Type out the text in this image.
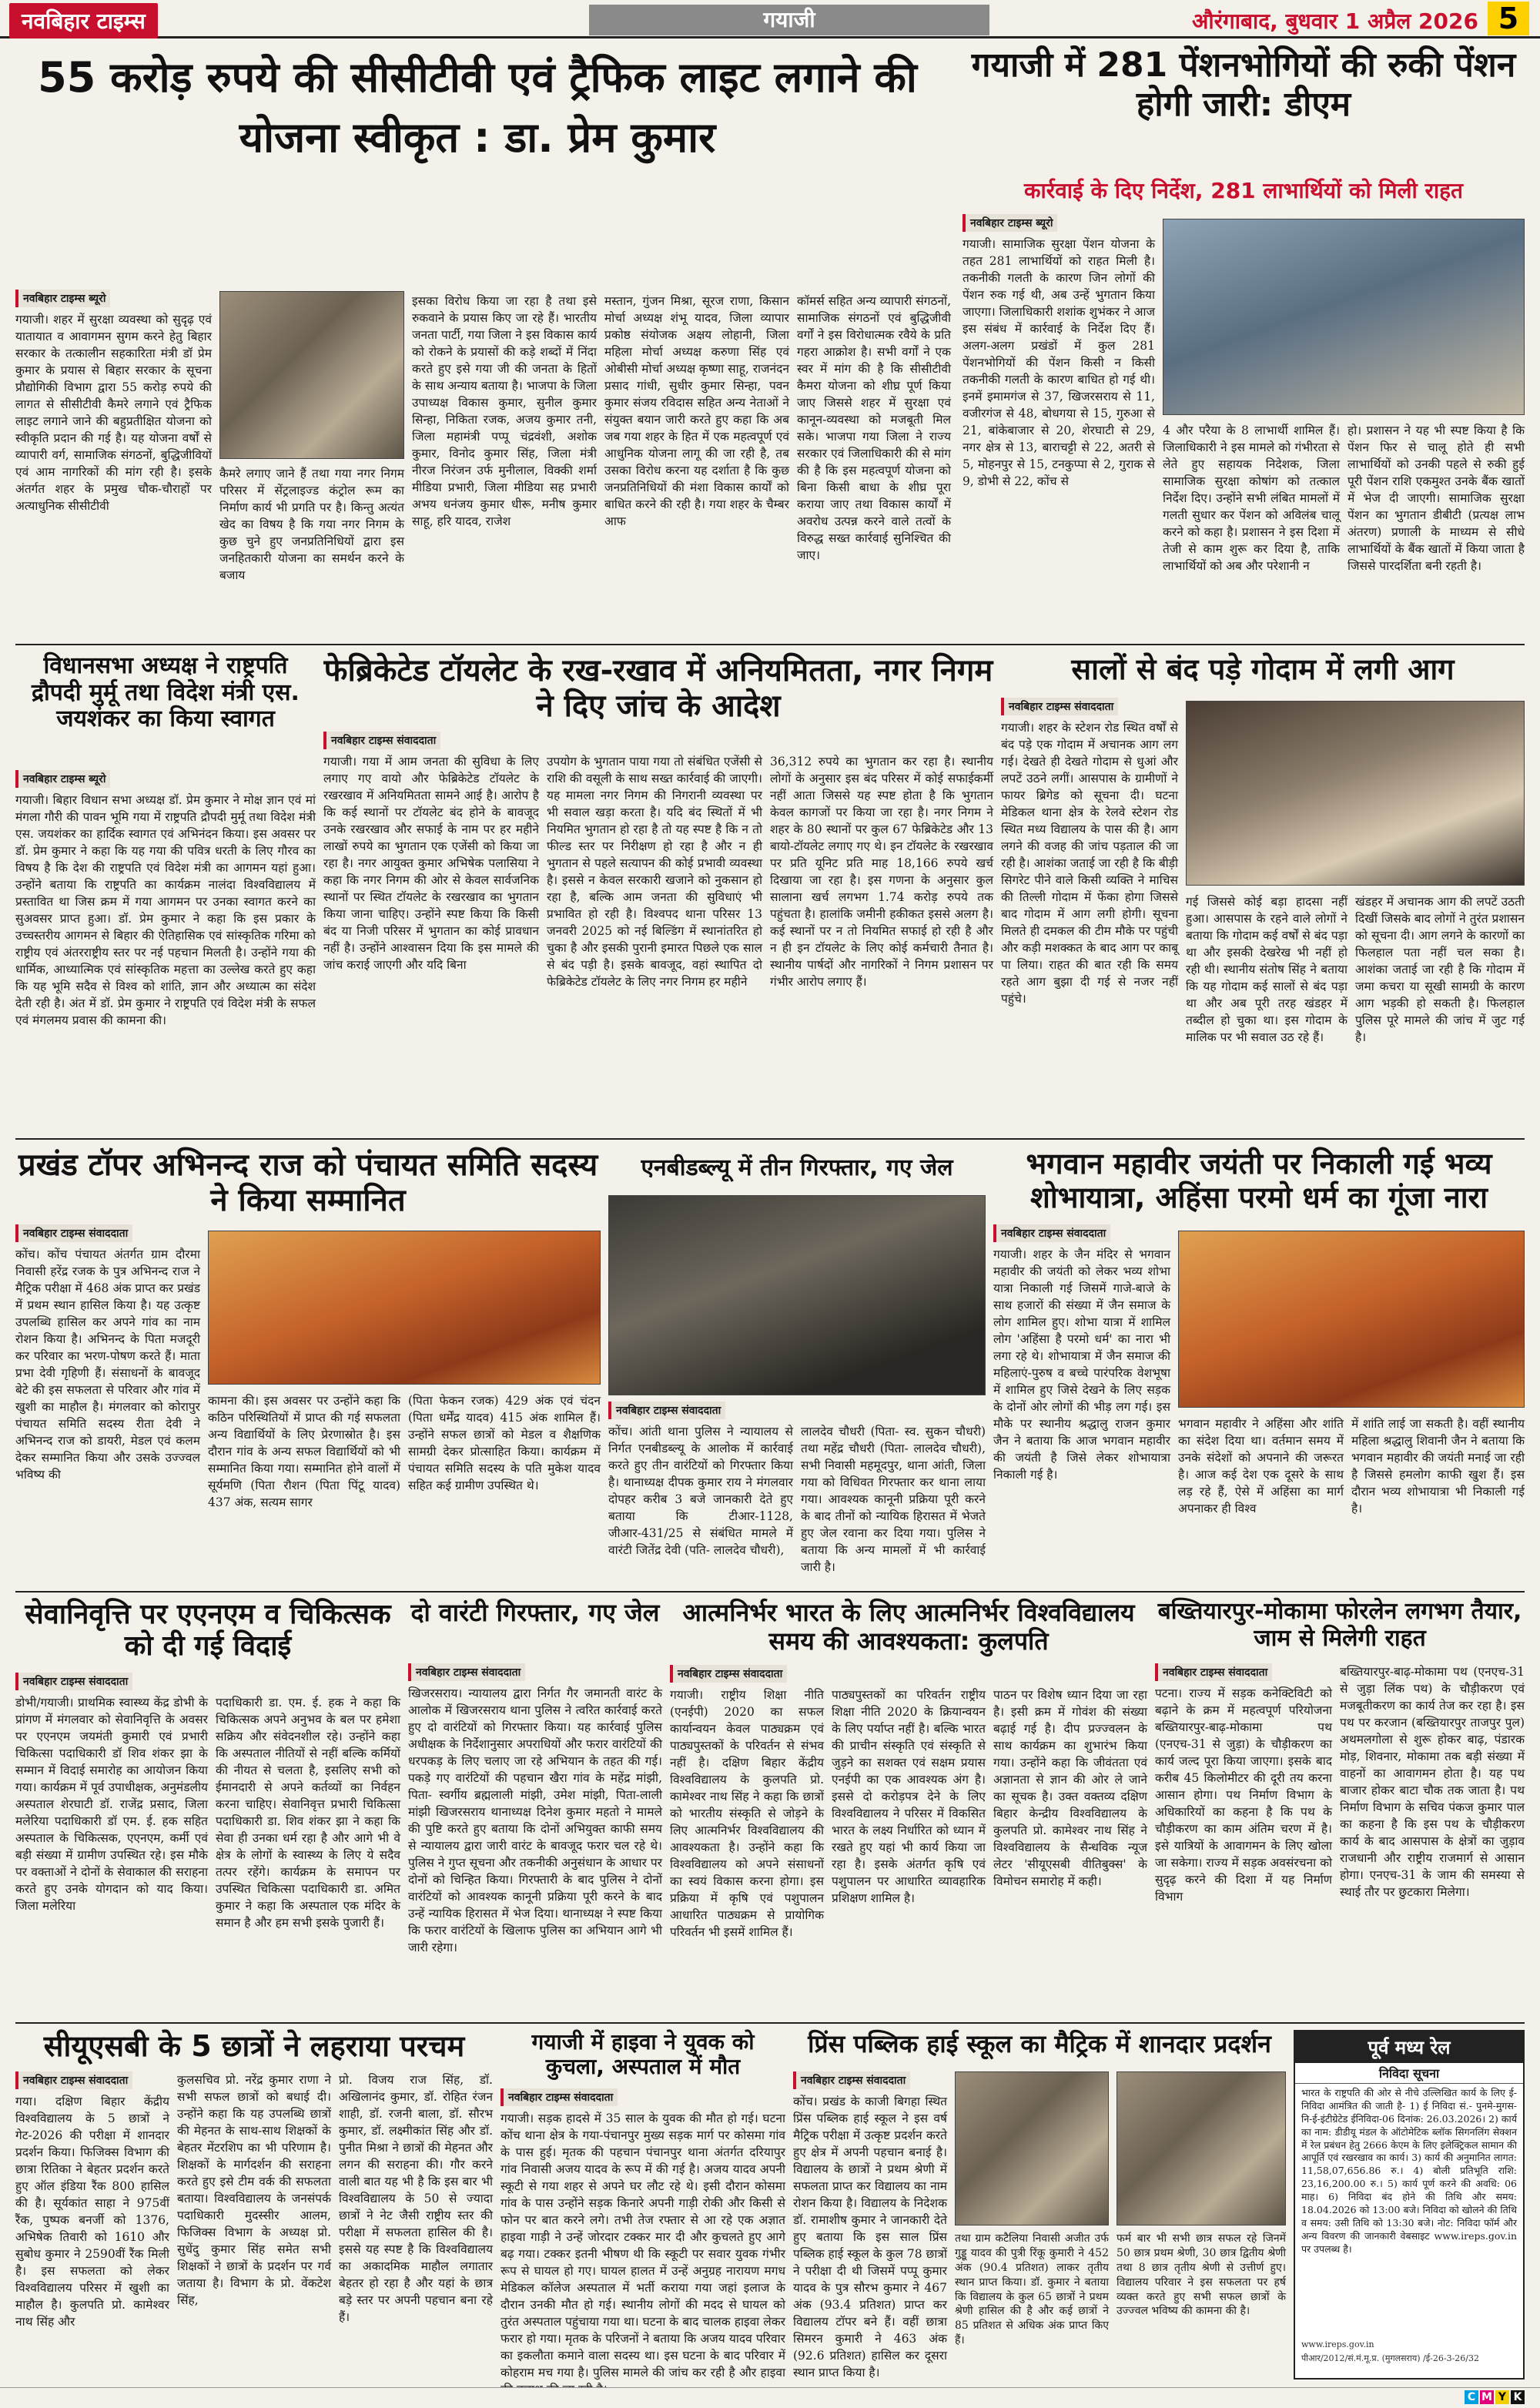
नवबिहार टाइम्स	गयाजी	औरंगाबाद, बुधवार 1 अप्रैल 2026 5
55 करोड़ रुपये की सीसीटीवी एवं ट्रैफिक लाइट लगाने की योजना स्वीकृत : डा. प्रेम कुमार
नवबिहार टाइम्स ब्यूरो
गयाजी। शहर में सुरक्षा व्यवस्था को सुदृढ़ एवं यातायात व आवागमन सुगम करने हेतु बिहार सरकार के तत्कालीन सहकारिता मंत्री डॉ प्रेम कुमार के प्रयास से बिहार सरकार के सूचना प्रौद्योगिकी विभाग द्वारा 55 करोड़ रुपये की लागत से सीसीटीवी कैमरे लगाने एवं ट्रैफिक लाइट लगाने जाने की बहुप्रतीक्षित योजना को स्वीकृति प्रदान की गई है। यह योजना वर्षों से व्यापारी वर्ग, सामाजिक संगठनों, बुद्धिजीवियों एवं आम नागरिकों की मांग रही है। इसके अंतर्गत शहर के प्रमुख चौक-चौराहों पर अत्याधुनिक सीसीटीवी
कैमरे लगाए जाने हैं तथा गया नगर निगम परिसर में सेंट्रलाइज्ड कंट्रोल रूम का निर्माण कार्य भी प्रगति पर है। किन्तु अत्यंत खेद का विषय है कि गया नगर निगम के कुछ चुने हुए जनप्रतिनिधियों द्वारा इस जनहितकारी योजना का समर्थन करने के बजाय
इसका विरोध किया जा रहा है तथा इसे रुकवाने के प्रयास किए जा रहे हैं। भारतीय जनता पार्टी, गया जिला ने इस विकास कार्य को रोकने के प्रयासों की कड़े शब्दों में निंदा करते हुए इसे गया जी की जनता के हितों के साथ अन्याय बताया है। भाजपा के जिला उपाध्यक्ष विकास कुमार, सुनील कुमार सिन्हा, निकिता रजक, अजय कुमार तनी, जिला महामंत्री पप्पू चंद्रवंशी, अशोक कुमार, विनोद कुमार सिंह, जिला मंत्री नीरज निरंजन उर्फ मुनीलाल, विक्की शर्मा मीडिया प्रभारी, जिला मीडिया सह प्रभारी अभय धनंजय कुमार धीरू, मनीष कुमार साहू, हरि यादव, राजेश
मस्तान, गुंजन मिश्रा, सूरज राणा, किसान मोर्चा अध्यक्ष शंभू यादव, जिला व्यापार प्रकोष्ठ संयोजक अक्षय लोहानी, जिला महिला मोर्चा अध्यक्ष करुणा सिंह एवं ओबीसी मोर्चा अध्यक्ष कृष्णा साहू, राजनंदन प्रसाद गांधी, सुधीर कुमार सिन्हा, पवन कुमार संजय रविदास सहित अन्य नेताओं ने संयुक्त बयान जारी करते हुए कहा कि अब जब गया शहर के हित में एक महत्वपूर्ण एवं आधुनिक योजना लागू की जा रही है, तब उसका विरोध करना यह दर्शाता है कि कुछ जनप्रतिनिधियों की मंशा विकास कार्यों को बाधित करने की रही है। गया शहर के चैम्बर आफ
कॉमर्स सहित अन्य व्यापारी संगठनों, सामाजिक संगठनों एवं बुद्धिजीवी वर्गों ने इस विरोधात्मक रवैये के प्रति गहरा आक्रोश है। सभी वर्गों ने एक स्वर में मांग की है कि सीसीटीवी कैमरा योजना को शीघ्र पूर्ण किया जाए जिससे शहर में सुरक्षा एवं कानून-व्यवस्था को मजबूती मिल सके। भाजपा गया जिला ने राज्य सरकार एवं जिलाधिकारी की से मांग की है कि इस महत्वपूर्ण योजना को बिना किसी बाधा के शीघ्र पूरा कराया जाए तथा विकास कार्यों में अवरोध उत्पन्न करने वाले तत्वों के विरुद्ध सख्त कार्रवाई सुनिश्चित की जाए।
गयाजी में 281 पेंशनभोगियों की रुकी पेंशन होगी जारी: डीएम
कार्रवाई के दिए निर्देश, 281 लाभार्थियों को मिली राहत
नवबिहार टाइम्स ब्यूरो
गयाजी। सामाजिक सुरक्षा पेंशन योजना के तहत 281 लाभार्थियों को राहत मिली है। तकनीकी गलती के कारण जिन लोगों की पेंशन रुक गई थी, अब उन्हें भुगतान किया जाएगा। जिलाधिकारी शशांक शुभंकर ने आज इस संबंध में कार्रवाई के निर्देश दिए हैं। अलग-अलग प्रखंडों में कुल 281 पेंशनभोगियों की पेंशन किसी न किसी तकनीकी गलती के कारण बाधित हो गई थी। इनमें इमामगंज से 37, खिजरसराय से 11, वजीरगंज से 48, बोधगया से 15, गुरुआ से 21, बांकेबाजार से 20, शेरघाटी से 29, नगर क्षेत्र से 13, बाराचट्टी से 22, अतरी से 5, मोहनपुर से 15, टनकुप्पा से 2, गुराक से 9, डोभी से 22, कोंच से
4 और परैया के 8 लाभार्थी शामिल हैं। जिलाधिकारी ने इस मामले को गंभीरता से लेते हुए सहायक निदेशक, जिला सामाजिक सुरक्षा कोषांग को तत्काल निर्देश दिए। उन्होंने सभी लंबित मामलों में गलती सुधार कर पेंशन को अविलंब चालू करने को कहा है। प्रशासन ने इस दिशा में तेजी से काम शुरू कर दिया है, ताकि लाभार्थियों को अब और परेशानी न
हो। प्रशासन ने यह भी स्पष्ट किया है कि पेंशन फिर से चालू होते ही सभी लाभार्थियों को उनकी पहले से रुकी हुई पूरी पेंशन राशि एकमुश्त उनके बैंक खातों में भेज दी जाएगी। सामाजिक सुरक्षा पेंशन का भुगतान डीबीटी (प्रत्यक्ष लाभ अंतरण) प्रणाली के माध्यम से सीधे लाभार्थियों के बैंक खातों में किया जाता है जिससे पारदर्शिता बनी रहती है।
विधानसभा अध्यक्ष ने राष्ट्रपति द्रौपदी मुर्मू तथा विदेश मंत्री एस. जयशंकर का किया स्वागत
नवबिहार टाइम्स ब्यूरो
गयाजी। बिहार विधान सभा अध्यक्ष डॉ. प्रेम कुमार ने मोक्ष ज्ञान एवं मां मंगला गौरी की पावन भूमि गया में राष्ट्रपति द्रौपदी मुर्मू तथा विदेश मंत्री एस. जयशंकर का हार्दिक स्वागत एवं अभिनंदन किया। इस अवसर पर डॉ. प्रेम कुमार ने कहा कि यह गया की पवित्र धरती के लिए गौरव का विषय है कि देश की राष्ट्रपति एवं विदेश मंत्री का आगमन यहां हुआ। उन्होंने बताया कि राष्ट्रपति का कार्यक्रम नालंदा विश्वविद्यालय में प्रस्तावित था जिस क्रम में गया आगमन पर उनका स्वागत करने का सुअवसर प्राप्त हुआ। डॉ. प्रेम कुमार ने कहा कि इस प्रकार के उच्चस्तरीय आगमन से बिहार की ऐतिहासिक एवं सांस्कृतिक गरिमा को राष्ट्रीय एवं अंतरराष्ट्रीय स्तर पर नई पहचान मिलती है। उन्होंने गया की धार्मिक, आध्यात्मिक एवं सांस्कृतिक महत्ता का उल्लेख करते हुए कहा कि यह भूमि सदैव से विश्व को शांति, ज्ञान और अध्यात्म का संदेश देती रही है। अंत में डॉ. प्रेम कुमार ने राष्ट्रपति एवं विदेश मंत्री के सफल एवं मंगलमय प्रवास की कामना की।
फेब्रिकेटेड टॉयलेट के रख-रखाव में अनियमितता, नगर निगम ने दिए जांच के आदेश
नवबिहार टाइम्स संवाददाता
गयाजी। गया में आम जनता की सुविधा के लिए लगाए गए वायो और फेब्रिकेटेड टॉयलेट के रखरखाव में अनियमितता सामने आई है। आरोप है कि कई स्थानों पर टॉयलेट बंद होने के बावजूद उनके रखरखाव और सफाई के नाम पर हर महीने लाखों रुपये का भुगतान एक एजेंसी को किया जा रहा है। नगर आयुक्त कुमार अभिषेक पलासिया ने कहा कि नगर निगम की ओर से केवल सार्वजनिक स्थानों पर स्थित टॉयलेट के रखरखाव का भुगतान किया जाना चाहिए। उन्होंने स्पष्ट किया कि किसी बंद या निजी परिसर में भुगतान का कोई प्रावधान नहीं है। उन्होंने आश्वासन दिया कि इस मामले की जांच कराई जाएगी और यदि बिना
उपयोग के भुगतान पाया गया तो संबंधित एजेंसी से राशि की वसूली के साथ सख्त कार्रवाई की जाएगी। यह मामला नगर निगम की निगरानी व्यवस्था पर भी सवाल खड़ा करता है। यदि बंद स्थितों में भी नियमित भुगतान हो रहा है तो यह स्पष्ट है कि न तो फील्ड स्तर पर निरीक्षण हो रहा है और न ही भुगतान से पहले सत्यापन की कोई प्रभावी व्यवस्था है। इससे न केवल सरकारी खजाने को नुकसान हो रहा है, बल्कि आम जनता की सुविधाएं भी प्रभावित हो रही है। विश्वपद थाना परिसर 13 जनवरी 2025 को नई बिल्डिंग में स्थानांतरित हो चुका है और इसकी पुरानी इमारत पिछले एक साल से बंद पड़ी है। इसके बावजूद, वहां स्थापित दो फेब्रिकेटेड टॉयलेट के लिए नगर निगम हर महीने
36,312 रुपये का भुगतान कर रहा है। स्थानीय लोगों के अनुसार इस बंद परिसर में कोई सफाईकर्मी नहीं आता जिससे यह स्पष्ट होता है कि भुगतान केवल कागजों पर किया जा रहा है। नगर निगम ने शहर के 80 स्थानों पर कुल 67 फेब्रिकेटेड और 13 बायो-टॉयलेट लगाए गए थे। इन टॉयलेट के रखरखाव पर प्रति यूनिट प्रति माह 18,166 रुपये खर्च दिखाया जा रहा है। इस गणना के अनुसार कुल सालाना खर्च लगभग 1.74 करोड़ रुपये तक पहुंचता है। हालांकि जमीनी हकीकत इससे अलग है। कई स्थानों पर न तो नियमित सफाई हो रही है और न ही इन टॉयलेट के लिए कोई कर्मचारी तैनात है। स्थानीय पार्षदों और नागरिकों ने निगम प्रशासन पर गंभीर आरोप लगाए हैं।
सालों से बंद पड़े गोदाम में लगी आग
नवबिहार टाइम्स संवाददाता
गयाजी। शहर के स्टेशन रोड स्थित वर्षों से बंद पड़े एक गोदाम में अचानक आग लग गई। देखते ही देखते गोदाम से धुआं और लपटें उठने लगीं। आसपास के ग्रामीणों ने फायर ब्रिगेड को सूचना दी। घटना मेडिकल थाना क्षेत्र के रेलवे स्टेशन रोड स्थित मध्य विद्यालय के पास की है। आग लगने की वजह की जांच पड़ताल की जा रही है। आशंका जताई जा रही है कि बीड़ी सिगरेट पीने वाले किसी व्यक्ति ने माचिस की तिल्ली गोदाम में फेंका होगा जिससे बाद गोदाम में आग लगी होगी। सूचना मिलते ही दमकल की टीम मौके पर पहुंची और कड़ी मशक्कत के बाद आग पर काबू पा लिया। राहत की बात रही कि समय रहते आग बुझा दी गई से नजर नहीं पहुंचे।
गई जिससे कोई बड़ा हादसा नहीं हुआ। आसपास के रहने वाले लोगों ने बताया कि गोदाम कई वर्षों से बंद पड़ा था और इसकी देखरेख भी नहीं हो रही थी। स्थानीय संतोष सिंह ने बताया कि यह गोदाम कई सालों से बंद पड़ा था और अब पूरी तरह खंडहर में तब्दील हो चुका था। इस गोदाम के मालिक पर भी सवाल उठ रहे हैं।
खंडहर में अचानक आग की लपटें उठती दिखीं जिसके बाद लोगों ने तुरंत प्रशासन को सूचना दी। आग लगने के कारणों का फिलहाल पता नहीं चल सका है। आशंका जताई जा रही है कि गोदाम में जमा कचरा या सूखी सामग्री के कारण आग भड़की हो सकती है। फिलहाल पुलिस पूरे मामले की जांच में जुट गई है।
प्रखंड टॉपर अभिनन्द राज को पंचायत समिति सदस्य ने किया सम्मानित
नवबिहार टाइम्स संवाददाता
कोंच। कोंच पंचायत अंतर्गत ग्राम दौरमा निवासी हरेंद्र रजक के पुत्र अभिनन्द राज ने मैट्रिक परीक्षा में 468 अंक प्राप्त कर प्रखंड में प्रथम स्थान हासिल किया है। यह उत्कृष्ट उपलब्धि हासिल कर अपने गांव का नाम रोशन किया है। अभिनन्द के पिता मजदूरी कर परिवार का भरण-पोषण करते हैं। माता प्रभा देवी गृहिणी हैं। संसाधनों के बावजूद बेटे की इस सफलता से परिवार और गांव में खुशी का माहौल है। मंगलवार को कोरापुर पंचायत समिति सदस्य रीता देवी ने अभिनन्द राज को डायरी, मेडल एवं कलम देकर सम्मानित किया और उसके उज्ज्वल भविष्य की
कामना की। इस अवसर पर उन्होंने कहा कि कठिन परिस्थितियों में प्राप्त की गई सफलता अन्य विद्यार्थियों के लिए प्रेरणास्रोत है। इस दौरान गांव के अन्य सफल विद्यार्थियों को भी सम्मानित किया गया। सम्मानित होने वालों में सूर्यमणि (पिता रौशन (पिता पिंटू यादव) 437 अंक, सत्यम सागर
(पिता फेकन रजक) 429 अंक एवं चंदन (पिता धर्मेंद्र यादव) 415 अंक शामिल हैं। उन्होंने सफल छात्रों को मेडल व शैक्षणिक सामग्री देकर प्रोत्साहित किया। कार्यक्रम में पंचायत समिति सदस्य के पति मुकेश यादव सहित कई ग्रामीण उपस्थित थे।
एनबीडब्ल्यू में तीन गिरफ्तार, गए जेल
नवबिहार टाइम्स संवाददाता
कोंच। आंती थाना पुलिस ने न्यायालय से निर्गत एनबीडब्ल्यू के आलोक में कार्रवाई करते हुए तीन वारंटियों को गिरफ्तार किया है। थानाध्यक्ष दीपक कुमार राय ने मंगलवार दोपहर करीब 3 बजे जानकारी देते हुए बताया कि टीआर-1128, जीआर-431/25 से संबंधित मामले में वारंटी जितेंद्र देवी (पति- लालदेव चौधरी),
लालदेव चौधरी (पिता- स्व. सुकन चौधरी) तथा महेंद्र चौधरी (पिता- लालदेव चौधरी), सभी निवासी महमूदपुर, थाना आंती, जिला गया को विधिवत गिरफ्तार कर थाना लाया गया। आवश्यक कानूनी प्रक्रिया पूरी करने के बाद तीनों को न्यायिक हिरासत में भेजते हुए जेल रवाना कर दिया गया। पुलिस ने बताया कि अन्य मामलों में भी कार्रवाई जारी है।
भगवान महावीर जयंती पर निकाली गई भव्य शोभायात्रा, अहिंसा परमो धर्म का गूंजा नारा
नवबिहार टाइम्स संवाददाता
गयाजी। शहर के जैन मंदिर से भगवान महावीर की जयंती को लेकर भव्य शोभा यात्रा निकाली गई जिसमें गाजे-बाजे के साथ हजारों की संख्या में जैन समाज के लोग शामिल हुए। शोभा यात्रा में शामिल लोग 'अहिंसा है परमो धर्म' का नारा भी लगा रहे थे। शोभायात्रा में जैन समाज की महिलाएं-पुरुष व बच्चे पारंपरिक वेशभूषा में शामिल हुए जिसे देखने के लिए सड़क के दोनों ओर लोगों की भीड़ लग गई। इस मौके पर स्थानीय श्रद्धालु राजन कुमार जैन ने बताया कि आज भगवान महावीर की जयंती है जिसे लेकर शोभायात्रा निकाली गई है।
भगवान महावीर ने अहिंसा और शांति का संदेश दिया था। वर्तमान समय में उनके संदेशों को अपनाने की जरूरत है। आज कई देश एक दूसरे के साथ लड़ रहे हैं, ऐसे में अहिंसा का मार्ग अपनाकर ही विश्व
में शांति लाई जा सकती है। वहीं स्थानीय महिला श्रद्धालु शिवानी जैन ने बताया कि भगवान महावीर की जयंती मनाई जा रही है जिससे हमलोग काफी खुश हैं। इस दौरान भव्य शोभायात्रा भी निकाली गई है।
सेवानिवृत्ति पर एएनएम व चिकित्सक को दी गई विदाई
नवबिहार टाइम्स संवाददाता
डोभी/गयाजी। प्राथमिक स्वास्थ्य केंद्र डोभी के प्रांगण में मंगलवार को सेवानिवृत्ति के अवसर पर एएनएम जयमंती कुमारी एवं प्रभारी चिकित्सा पदाधिकारी डॉ शिव शंकर झा के सम्मान में विदाई समारोह का आयोजन किया गया। कार्यक्रम में पूर्व उपाधीक्षक, अनुमंडलीय अस्पताल शेरघाटी डॉ. राजेंद्र प्रसाद, जिला मलेरिया पदाधिकारी डॉ एम. ई. हक सहित अस्पताल के चिकित्सक, एएनएम, कर्मी एवं बड़ी संख्या में ग्रामीण उपस्थित रहे। इस मौके पर वक्ताओं ने दोनों के सेवाकाल की सराहना करते हुए उनके योगदान को याद किया। जिला मलेरिया
पदाधिकारी डा. एम. ई. हक ने कहा कि चिकित्सक अपने अनुभव के बल पर हमेशा सक्रिय और संवेदनशील रहे। उन्होंने कहा कि अस्पताल नीतियों से नहीं बल्कि कर्मियों की नीयत से चलता है, इसलिए सभी को ईमानदारी से अपने कर्तव्यों का निर्वहन करना चाहिए। सेवानिवृत्त प्रभारी चिकित्सा पदाधिकारी डा. शिव शंकर झा ने कहा कि सेवा ही उनका धर्म रहा है और आगे भी वे क्षेत्र के लोगों के स्वास्थ्य के लिए ये सदैव तत्पर रहेंगे। कार्यक्रम के समापन पर उपस्थित चिकित्सा पदाधिकारी डा. अमित कुमार ने कहा कि अस्पताल एक मंदिर के समान है और हम सभी इसके पुजारी हैं।
दो वारंटी गिरफ्तार, गए जेल
नवबिहार टाइम्स संवाददाता
खिजरसराय। न्यायालय द्वारा निर्गत गैर जमानती वारंट के आलोक में खिजरसराय थाना पुलिस ने त्वरित कार्रवाई करते हुए दो वारंटियों को गिरफ्तार किया। यह कार्रवाई पुलिस अधीक्षक के निर्देशानुसार अपराधियों और फरार वारंटियों की धरपकड़ के लिए चलाए जा रहे अभियान के तहत की गई। पकड़े गए वारंटियों की पहचान खैरा गांव के महेंद्र मांझी, पिता- स्वर्गीय ब्रह्मलाली मांझी, उमेश मांझी, पिता-लाली मांझी खिजरसराय थानाध्यक्ष दिनेश कुमार महतो ने मामले की पुष्टि करते हुए बताया कि दोनों अभियुक्त काफी समय से न्यायालय द्वारा जारी वारंट के बावजूद फरार चल रहे थे। पुलिस ने गुप्त सूचना और तकनीकी अनुसंधान के आधार पर दोनों को चिन्हित किया। गिरफ्तारी के बाद पुलिस ने दोनों वारंटियों को आवश्यक कानूनी प्रक्रिया पूरी करने के बाद उन्हें न्यायिक हिरासत में भेज दिया। थानाध्यक्ष ने स्पष्ट किया कि फरार वारंटियों के खिलाफ पुलिस का अभियान आगे भी जारी रहेगा।
आत्मनिर्भर भारत के लिए आत्मनिर्भर विश्वविद्यालय समय की आवश्यकता: कुलपति
नवबिहार टाइम्स संवाददाता
गयाजी। राष्ट्रीय शिक्षा नीति (एनईपी) 2020 का सफल कार्यान्वयन केवल पाठ्यक्रम एवं पाठ्यपुस्तकों के परिवर्तन से संभव नहीं है। दक्षिण बिहार केंद्रीय विश्वविद्यालय के कुलपति प्रो. कामेश्वर नाथ सिंह ने कहा कि छात्रों को भारतीय संस्कृति से जोड़ने के लिए आत्मनिर्भर विश्वविद्यालय की आवश्यकता है। उन्होंने कहा कि विश्वविद्यालय को अपने संसाधनों का स्वयं विकास करना होगा। इस प्रक्रिया में कृषि एवं पशुपालन आधारित पाठ्यक्रम से प्रायोगिक परिवर्तन भी इसमें शामिल हैं।
पाठ्यपुस्तकों का परिवर्तन राष्ट्रीय शिक्षा नीति 2020 के क्रियान्वयन के लिए पर्याप्त नहीं है। बल्कि भारत की प्राचीन संस्कृति एवं संस्कृति से जुड़ने का सशक्त एवं सक्षम प्रयास एनईपी का एक आवश्यक अंग है। इससे दो करोड़पत्र देने के लिए विश्वविद्यालय ने परिसर में विकसित भारत के लक्ष्य निर्धारित को ध्यान में रखते हुए यहां भी कार्य किया जा रहा है। इसके अंतर्गत कृषि एवं पशुपालन पर आधारित व्यावहारिक प्रशिक्षण शामिल है।
पाठन पर विशेष ध्यान दिया जा रहा है। इसी क्रम में गोवंश की संख्या बढ़ाई गई है। दीप प्रज्ज्वलन के साथ कार्यक्रम का शुभारंभ किया गया। उन्होंने कहा कि जीवंतता एवं अज्ञानता से ज्ञान की ओर ले जाने का सूचक है। उक्त वक्तव्य दक्षिण बिहार केन्द्रीय विश्वविद्यालय के कुलपति प्रो. कामेश्वर नाथ सिंह ने विश्वविद्यालय के सैन्धविक न्यूज लेटर 'सीयूएसबी वीतिबुक्स' के विमोचन समारोह में कही।
बख्तियारपुर-मोकामा फोरलेन लगभग तैयार, जाम से मिलेगी राहत
नवबिहार टाइम्स संवाददाता
पटना। राज्य में सड़क कनेक्टिविटी को बढ़ाने के क्रम में महत्वपूर्ण परियोजना बख्तियारपुर-बाढ़-मोकामा पथ (एनएच-31 से जुड़ा) के चौड़ीकरण का कार्य जल्द पूरा किया जाएगा। इसके बाद करीब 45 किलोमीटर की दूरी तय करना आसान होगा। पथ निर्माण विभाग के अधिकारियों का कहना है कि पथ के चौड़ीकरण का काम अंतिम चरण में है। इसे यात्रियों के आवागमन के लिए खोला जा सकेगा। राज्य में सड़क अवसंरचना को सुदृढ़ करने की दिशा में यह निर्माण विभाग
बख्तियारपुर-बाढ़-मोकामा पथ (एनएच-31 से जुड़ा लिंक पथ) के चौड़ीकरण एवं मजबूतीकरण का कार्य तेज कर रहा है। इस पथ पर करजान (बख्तियारपुर ताजपुर पुल) अथमलगोला से शुरू होकर बाढ़, पंडारक मोड़, शिवनार, मोकामा तक बड़ी संख्या में वाहनों का आवागमन होता है। यह पथ बाजार होकर बाटा चौक तक जाता है। पथ निर्माण विभाग के सचिव पंकज कुमार पाल का कहना है कि इस पथ के चौड़ीकरण कार्य के बाद आसपास के क्षेत्रों का जुड़ाव राजधानी और राष्ट्रीय राजमार्ग से आसान होगा। एनएच-31 के जाम की समस्या से स्थाई तौर पर छुटकारा मिलेगा।
सीयूएसबी के 5 छात्रों ने लहराया परचम
नवबिहार टाइम्स संवाददाता
गया। दक्षिण बिहार केंद्रीय विश्वविद्यालय के 5 छात्रों ने गेट-2026 की परीक्षा में शानदार प्रदर्शन किया। फिजिक्स विभाग की छात्रा रितिका ने बेहतर प्रदर्शन करते हुए ऑल इंडिया रैंक 800 हासिल की है। सूर्यकांत साहा ने 975वीं रैंक, पुष्पक बनर्जी को 1376, अभिषेक तिवारी को 1610 और सुबोध कुमार ने 2590वीं रैंक मिली है। इस सफलता को लेकर विश्वविद्यालय परिसर में खुशी का माहौल है। कुलपति प्रो. कामेश्वर नाथ सिंह और
कुलसचिव प्रो. नरेंद्र कुमार राणा ने सभी सफल छात्रों को बधाई दी। उन्होंने कहा कि यह उपलब्धि छात्रों की मेहनत के साथ-साथ शिक्षकों के बेहतर मेंटरशिप का भी परिणाम है। शिक्षकों के मार्गदर्शन की सराहना करते हुए इसे टीम वर्क की सफलता बताया। विश्वविद्यालय के जनसंपर्क पदाधिकारी मुदस्सीर आलम, फिजिक्स विभाग के अध्यक्ष प्रो. सुधेंदु कुमार सिंह समेत सभी शिक्षकों ने छात्रों के प्रदर्शन पर गर्व जताया है। विभाग के प्रो. वेंकटेश सिंह,
प्रो. विजय राज सिंह, डॉ. अखिलानंद कुमार, डॉ. रोहित रंजन शाही, डॉ. रजनी बाला, डॉ. सौरभ कुमार, डॉ. लक्ष्मीकांत सिंह और डॉ. पुनीत मिश्रा ने छात्रों की मेहनत और लगन की सराहना की। गौर करने वाली बात यह भी है कि इस बार भी विश्वविद्यालय के 50 से ज्यादा छात्रों ने नेट जैसी राष्ट्रीय स्तर की परीक्षा में सफलता हासिल की है। इससे यह स्पष्ट है कि विश्वविद्यालय का अकादमिक माहौल लगातार बेहतर हो रहा है और यहां के छात्र बड़े स्तर पर अपनी पहचान बना रहे हैं।
गयाजी में हाइवा ने युवक को कुचला, अस्पताल में मौत
नवबिहार टाइम्स संवाददाता
गयाजी। सड़क हादसे में 35 साल के युवक की मौत हो गई। घटना कोंच थाना क्षेत्र के गया-पंचानपुर मुख्य सड़क मार्ग पर कोसमा गांव के पास हुई। मृतक की पहचान पंचानपुर थाना अंतर्गत दरियापुर गांव निवासी अजय यादव के रूप में की गई है। अजय यादव अपनी स्कूटी से गया शहर से अपने घर लौट रहे थे। इसी दौरान कोसमा गांव के पास उन्होंने सड़क किनारे अपनी गाड़ी रोकी और किसी से फोन पर बात करने लगे। तभी तेज रफ्तार से आ रहे एक अज्ञात हाइवा गाड़ी ने उन्हें जोरदार टक्कर मार दी और कुचलते हुए आगे बढ़ गया। टक्कर इतनी भीषण थी कि स्कूटी पर सवार युवक गंभीर रूप से घायल हो गए। घायल हालत में उन्हें अनुग्रह नारायण मगध मेडिकल कॉलेज अस्पताल में भर्ती कराया गया जहां इलाज के दौरान उनकी मौत हो गई। स्थानीय लोगों की मदद से घायल को तुरंत अस्पताल पहुंचाया गया था। घटना के बाद चालक हाइवा लेकर फरार हो गया। मृतक के परिजनों ने बताया कि अजय यादव परिवार का इकलौता कमाने वाला सदस्य था। इस घटना के बाद परिवार में कोहराम मच गया है। पुलिस मामले की जांच कर रही है और हाइवा
प्रिंस पब्लिक हाई स्कूल का मैट्रिक में शानदार प्रदर्शन
नवबिहार टाइम्स संवाददाता
कोंच। प्रखंड के काजी बिगहा स्थित प्रिंस पब्लिक हाई स्कूल ने इस वर्ष मैट्रिक परीक्षा में उत्कृष्ट प्रदर्शन करते हुए क्षेत्र में अपनी पहचान बनाई है। विद्यालय के छात्रों ने प्रथम श्रेणी में सफलता प्राप्त कर विद्यालय का नाम रोशन किया है। विद्यालय के निदेशक डॉ. रामाशीष कुमार ने जानकारी देते हुए बताया कि इस साल प्रिंस पब्लिक हाई स्कूल के कुल 78 छात्रों ने परीक्षा दी थी जिसमें पप्पू कुमार यादव के पुत्र सौरभ कुमार ने 467 अंक (93.4 प्रतिशत) प्राप्त कर विद्यालय टॉपर बने हैं। वहीं छात्रा सिमरन कुमारी ने 463 अंक (92.6 प्रतिशत) हासिल कर दूसरा स्थान प्राप्त किया है।
तथा ग्राम कटैलिया निवासी अजीत उर्फ गुड्डू यादव की पुत्री रिंकू कुमारी ने 452 अंक (90.4 प्रतिशत) लाकर तृतीय स्थान प्राप्त किया। डॉ. कुमार ने बताया कि विद्यालय के कुल 65 छात्रों ने प्रथम श्रेणी हासिल की है और कई छात्रों ने 85 प्रतिशत से अधिक अंक प्राप्त किए हैं।
फर्म बार भी सभी छात्र सफल रहे जिनमें 50 छात्र प्रथम श्रेणी, 30 छात्र द्वितीय श्रेणी तथा 8 छात्र तृतीय श्रेणी से उत्तीर्ण हुए। विद्यालय परिवार ने इस सफलता पर हर्ष व्यक्त करते हुए सभी सफल छात्रों के उज्ज्वल भविष्य की कामना की है।
पूर्व मध्य रेल
निविदा सूचना
भारत के राष्ट्रपति की ओर से नीचे उल्लिखित कार्य के लिए ई-निविदा आमंत्रित की जाती है- 1) ई निविदा सं.- पुनमे-मुगस-नि-ई-इंटीग्रेटेड ईनिविदा-06 दिनांक: 26.03.2026। 2) कार्य का नाम: डीडीयू मंडल के ऑटोमेटिक ब्लॉक सिगनलिंग सेक्शन में रेल प्रबंधन हेतु 2666 केएम के लिए इलेक्ट्रिकल सामान की आपूर्ति एवं रखरखाव का कार्य। 3) कार्य की अनुमानित लागत: 11,58,07,656.86 रु.। 4) बोली प्रतिभूति राशि: 23,16,200.00 रु.। 5) कार्य पूर्ण करने की अवधि: 06 माह। 6) निविदा बंद होने की तिथि और समय: 18.04.2026 को 13:00 बजे। निविदा को खोलने की तिथि व समय: उसी तिथि को 13:30 बजे। नोट: निविदा फॉर्म और अन्य विवरण की जानकारी वेबसाइट www.ireps.gov.in पर उपलब्ध है।
www.ireps.gov.in
पीआर/2012/सं.मं.मू.प्र. (मुगलसराय) /ई-26-3-26/32
C M Y K
